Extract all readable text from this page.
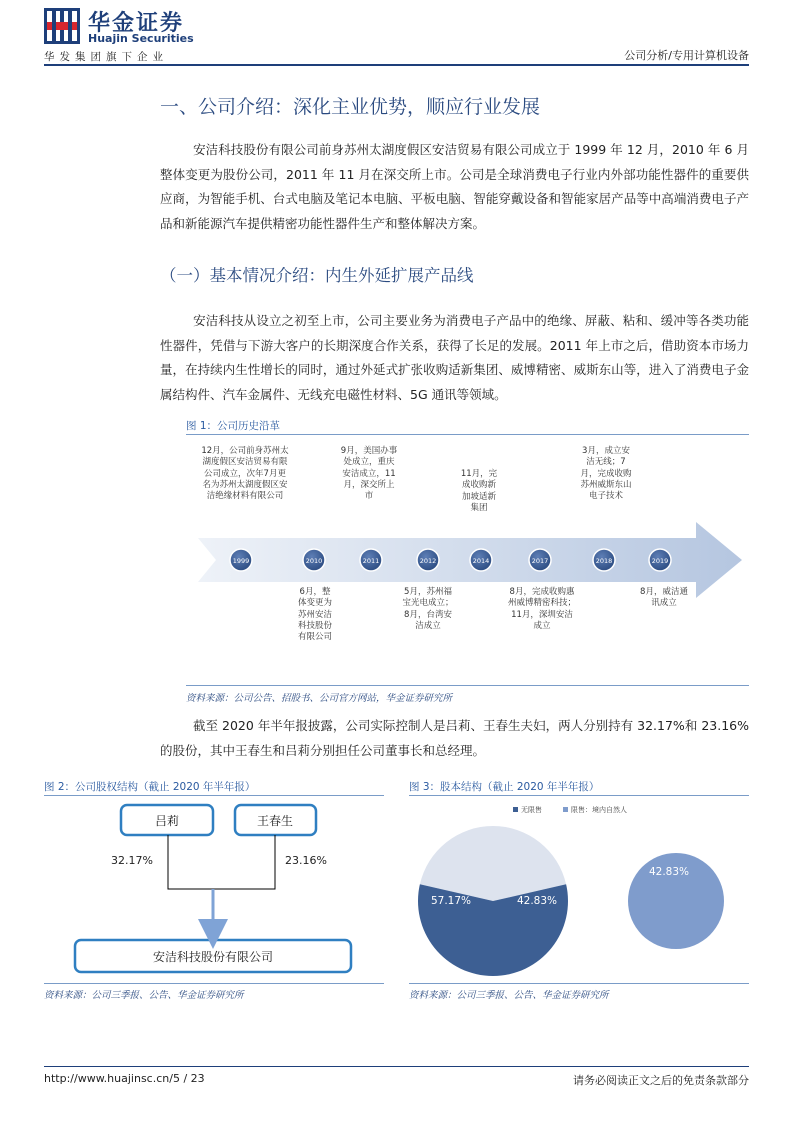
华金证券
Huajin Securities
华发集团旗下企业	公司分析/专用计算机设备
一、公司介绍：深化主业优势，顺应行业发展
安洁科技股份有限公司前身苏州太湖度假区安洁贸易有限公司成立于 1999 年 12 月，2010 年 6 月整体变更为股份公司，2011 年 11 月在深交所上市。公司是全球消费电子行业内外部功能性器件的重要供应商，为智能手机、台式电脑及笔记本电脑、平板电脑、智能穿戴设备和智能家居产品等中高端消费电子产品和新能源汽车提供精密功能性器件生产和整体解决方案。
（一）基本情况介绍：内生外延扩展产品线
安洁科技从设立之初至上市，公司主要业务为消费电子产品中的绝缘、屏蔽、粘和、缓冲等各类功能性器件，凭借与下游大客户的长期深度合作关系，获得了长足的发展。2011 年上市之后，借助资本市场力量，在持续内生性增长的同时，通过外延式扩张收购适新集团、威博精密、威斯东山等，进入了消费电子金属结构件、汽车金属件、无线充电磁性材料、5G 通讯等领域。
图 1：公司历史沿革
1999	2010	2011	2012	2014	2017	2018	2019
12月，公司前身苏州太湖度假区安洁贸易有限公司成立，次年7月更名为苏州太湖度假区安洁绝缘材料有限公司
9月，美国办事处成立，重庆安洁成立，11月，深交所上市
11月，完成收购新加坡适新集团
3月，成立安洁无线；7月，完成收购苏州威斯东山电子技术
6月，整体变更为苏州安洁科技股份有限公司
5月，苏州福宝光电成立；8月，台湾安洁成立
8月，完成收购惠州威博精密科技；11月，深圳安洁成立
8月，威洁通讯成立
资料来源：公司公告、招股书、公司官方网站，华金证券研究所
截至 2020 年半年报披露，公司实际控制人是吕莉、王春生夫妇，两人分别持有 32.17%和 23.16%的股份，其中王春生和吕莉分别担任公司董事长和总经理。
图 2：公司股权结构（截止 2020 年半年报）
吕莉	王春生
32.17%	23.16%
安洁科技股份有限公司
资料来源：公司三季报、公告、华金证券研究所
图 3：股本结构（截止 2020 年半年报）
无限售	限售：境内自然人
57.17%	42.83%
42.83%
资料来源：公司三季报、公告、华金证券研究所
http://www.huajinsc.cn/5 / 23	请务必阅读正文之后的免责条款部分
